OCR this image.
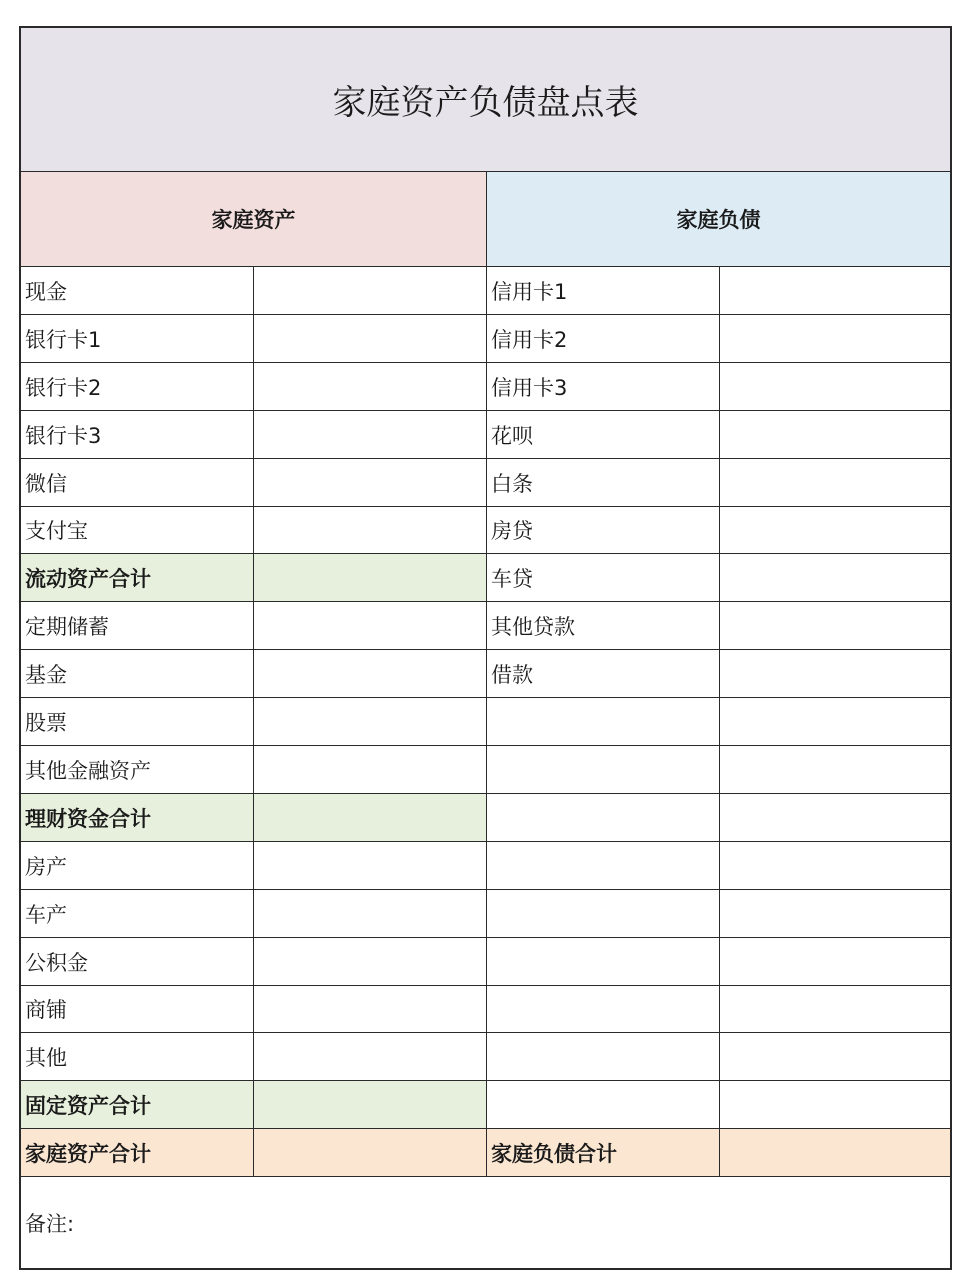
家庭资产负债盘点表
家庭资产	家庭负债
现金	信用卡1
银行卡1	信用卡2
银行卡2	信用卡3
银行卡3	花呗
微信	白条
支付宝	房贷
流动资产合计	车贷
定期储蓄	其他贷款
基金	借款
股票
其他金融资产
理财资金合计
房产
车产
公积金
商铺
其他
固定资产合计
家庭资产合计	家庭负债合计
备注:
